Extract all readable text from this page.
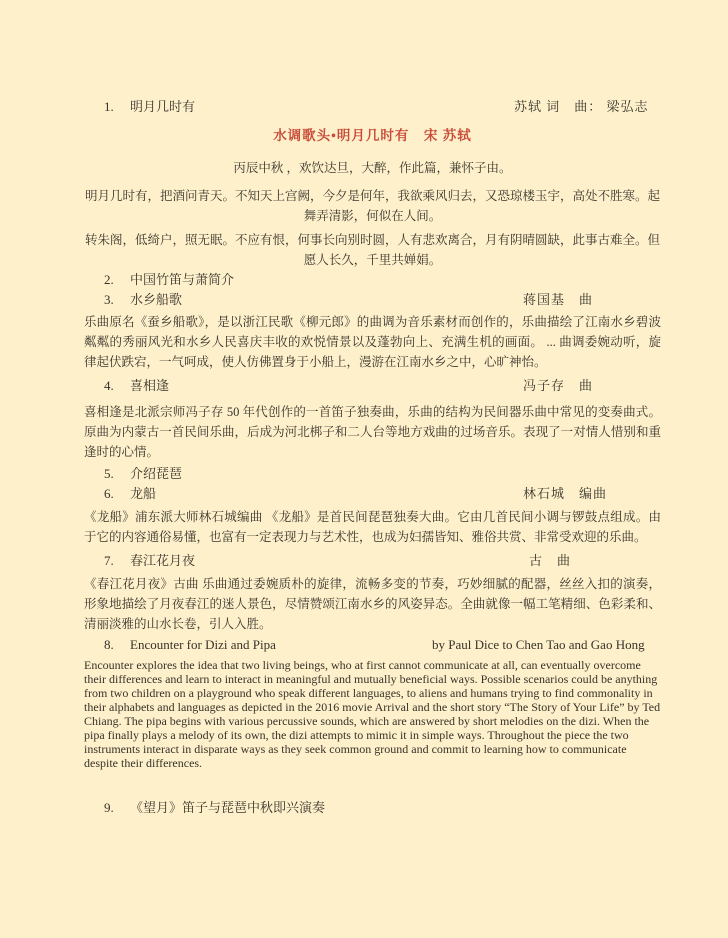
1. 明月几时有	苏轼 词　曲： 梁弘志
水调歌头•明月几时有　宋 苏轼
丙辰中秋 ，欢饮达旦，大醉，作此篇，兼怀子由。
明月几时有，把酒问青天。不知天上宫阙，今夕是何年，我欲乘风归去，又恐琼楼玉宇，高处不胜寒。起舞弄清影，何似在人间。
转朱阁，低绮户，照无眠。不应有恨，何事长向别时圆，人有悲欢离合，月有阴晴圆缺，此事古难全。但愿人长久，千里共婵娟。
2. 中国竹笛与萧简介
3. 水乡船歌	蒋国基　曲
乐曲原名《蚕乡船歌》，是以浙江民歌《柳元郎》的曲调为音乐素材而创作的，乐曲描绘了江南水乡碧波粼粼的秀丽风光和水乡人民喜庆丰收的欢悦情景以及蓬勃向上、充满生机的画面。 ... 曲调委婉动听，旋律起伏跌宕，一气呵成，使人仿佛置身于小船上，漫游在江南水乡之中，心旷神怡。
4. 喜相逢	冯子存　曲
喜相逢是北派宗师冯子存 50 年代创作的一首笛子独奏曲，乐曲的结构为民间器乐曲中常见的变奏曲式。原曲为内蒙古一首民间乐曲，后成为河北梆子和二人台等地方戏曲的过场音乐。表现了一对情人惜别和重逢时的心情。
5. 介绍琵琶
6. 龙船	林石城　编曲
《龙船》浦东派大师林石城编曲 《龙船》是首民间琵琶独奏大曲。它由几首民间小调与锣鼓点组成。由于它的内容通俗易懂，也富有一定表现力与艺术性，也成为妇孺皆知、雅俗共赏、非常受欢迎的乐曲。
7. 春江花月夜	古　曲
《春江花月夜》古曲 乐曲通过委婉质朴的旋律，流畅多变的节奏，巧妙细腻的配器，丝丝入扣的演奏，形象地描绘了月夜春江的迷人景色，尽情赞颂江南水乡的风姿异态。全曲就像一幅工笔精细、色彩柔和、清丽淡雅的山水长卷，引人入胜。
8. Encounter for Dizi and Pipa	by Paul Dice to Chen Tao and Gao Hong
Encounter explores the idea that two living beings, who at first cannot communicate at all, can eventually overcome their differences and learn to interact in meaningful and mutually beneficial ways. Possible scenarios could be anything from two children on a playground who speak different languages, to aliens and humans trying to find commonality in their alphabets and languages as depicted in the 2016 movie Arrival and the short story “The Story of Your Life” by Ted Chiang. The pipa begins with various percussive sounds, which are answered by short melodies on the dizi. When the pipa finally plays a melody of its own, the dizi attempts to mimic it in simple ways. Throughout the piece the two instruments interact in disparate ways as they seek common ground and commit to learning how to communicate despite their differences.
9. 《望月》笛子与琵琶中秋即兴演奏
